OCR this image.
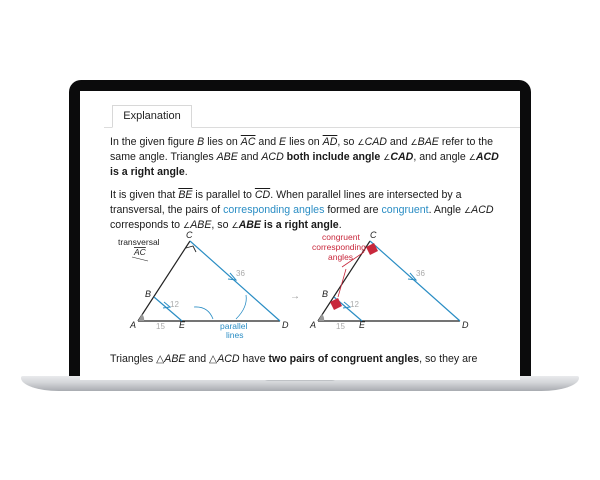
Explanation

In the given figure B lies on $\overline{AC}$ and E lies on $\overline{AD}$, so ∠CAD and ∠BAE refer to the same angle. Triangles ABE and ACD both include angle ∠CAD, and angle ∠ACD is a right angle.

It is given that $\overline{BE}$ is parallel to $\overline{CD}$. When parallel lines are intersected by a transversal, the pairs of corresponding angles formed are congruent. Angle ∠ACD corresponds to ∠ABE, so ∠ABE is a right angle.

transversal
AC
A
B
C
D
E
15
12
36
parallel
lines
→
congruent
corresponding
angles
A
B
C
D
E
15
12
36
Triangles △ABE and △ACD have two pairs of congruent angles, so they are
